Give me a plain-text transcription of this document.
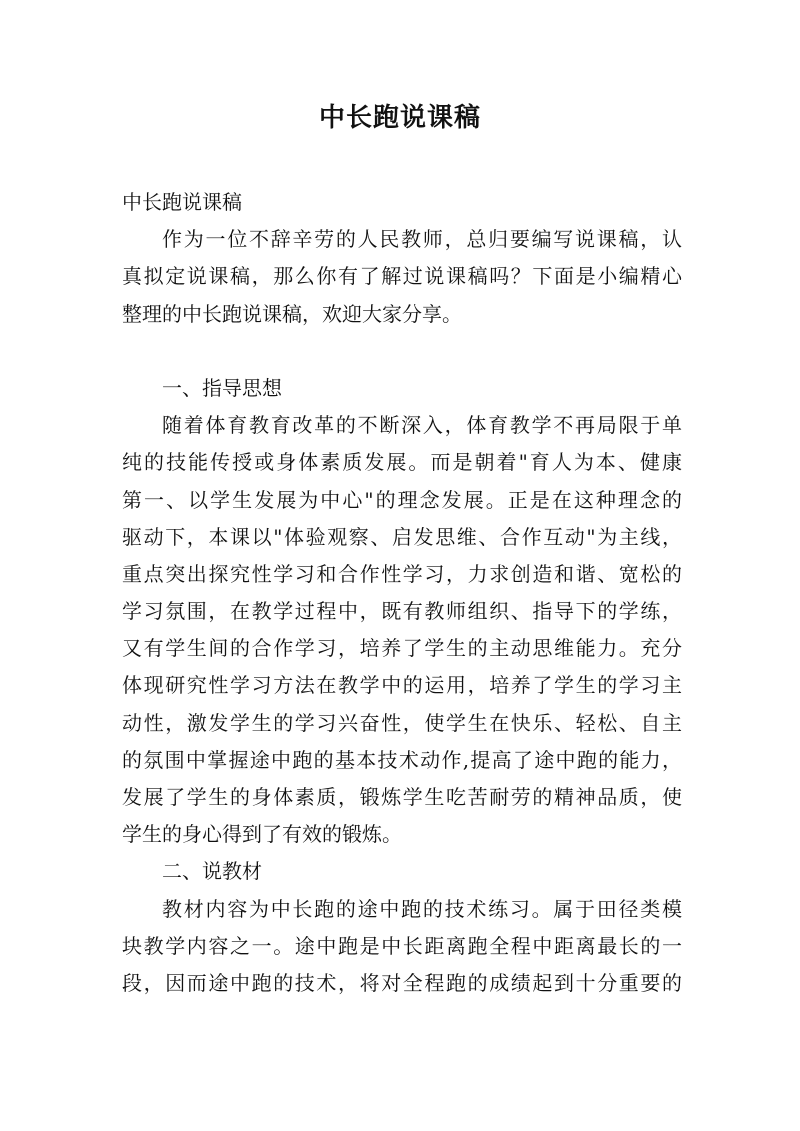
中长跑说课稿

中长跑说课稿

作为一位不辞辛劳的人民教师，总归要编写说课稿，认

真拟定说课稿，那么你有了解过说课稿吗？下面是小编精心

整理的中长跑说课稿，欢迎大家分享。

一、指导思想

随着体育教育改革的不断深入，体育教学不再局限于单

纯的技能传授或身体素质发展。而是朝着"育人为本、健康

第一、以学生发展为中心"的理念发展。正是在这种理念的

驱动下，本课以"体验观察、启发思维、合作互动"为主线，

重点突出探究性学习和合作性学习，力求创造和谐、宽松的

学习氛围，在教学过程中，既有教师组织、指导下的学练，

又有学生间的合作学习，培养了学生的主动思维能力。充分

体现研究性学习方法在教学中的运用，培养了学生的学习主

动性，激发学生的学习兴奋性，使学生在快乐、轻松、自主

的氛围中掌握途中跑的基本技术动作,提高了途中跑的能力，

发展了学生的身体素质，锻炼学生吃苦耐劳的精神品质，使

学生的身心得到了有效的锻炼。

二、说教材

教材内容为中长跑的途中跑的技术练习。属于田径类模

块教学内容之一。途中跑是中长距离跑全程中距离最长的一

段，因而途中跑的技术，将对全程跑的成绩起到十分重要的
